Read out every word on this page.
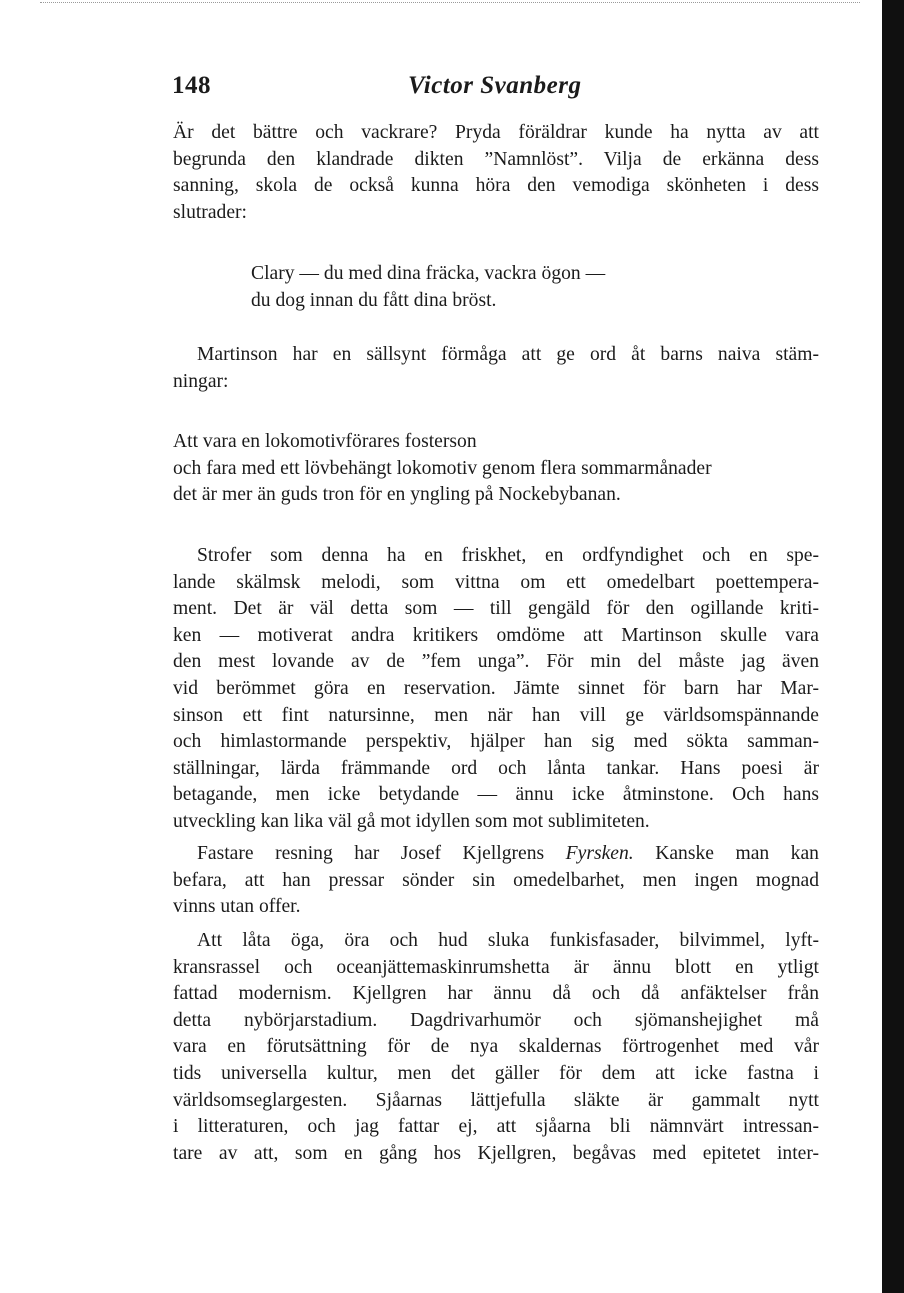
148	Victor Svanberg
Är det bättre och vackrare? Pryda föräldrar kunde ha nytta av att
begrunda den klandrade dikten ”Namnlöst”. Vilja de erkänna dess
sanning, skola de också kunna höra den vemodiga skönheten i dess
slutrader:
Clary — du med dina fräcka, vackra ögon —
du dog innan du fått dina bröst.
Martinson har en sällsynt förmåga att ge ord åt barns naiva stäm-
ningar:
Att vara en lokomotivförares fosterson
och fara med ett lövbehängt lokomotiv genom flera sommarmånader
det är mer än guds tron för en yngling på Nockebybanan.
Strofer som denna ha en friskhet, en ordfyndighet och en spe-
lande skälmsk melodi, som vittna om ett omedelbart poettempera-
ment. Det är väl detta som — till gengäld för den ogillande kriti-
ken — motiverat andra kritikers omdöme att Martinson skulle vara
den mest lovande av de ”fem unga”. För min del måste jag även
vid berömmet göra en reservation. Jämte sinnet för barn har Mar-
sinson ett fint natursinne, men när han vill ge världsomspännande
och himlastormande perspektiv, hjälper han sig med sökta samman-
ställningar, lärda främmande ord och lånta tankar. Hans poesi är
betagande, men icke betydande — ännu icke åtminstone. Och hans
utveckling kan lika väl gå mot idyllen som mot sublimiteten.
Fastare resning har Josef Kjellgrens Fyrsken. Kanske man kan
befara, att han pressar sönder sin omedelbarhet, men ingen mognad
vinns utan offer.
Att låta öga, öra och hud sluka funkisfasader, bilvimmel, lyft-
kransrassel och oceanjättemaskinrumshetta är ännu blott en ytligt
fattad modernism. Kjellgren har ännu då och då anfäktelser från
detta nybörjarstadium. Dagdrivarhumör och sjömanshejighet må
vara en förutsättning för de nya skaldernas förtrogenhet med vår
tids universella kultur, men det gäller för dem att icke fastna i
världsomseglargesten. Sjåarnas lättjefulla släkte är gammalt nytt
i litteraturen, och jag fattar ej, att sjåarna bli nämnvärt intressan-
tare av att, som en gång hos Kjellgren, begåvas med epitetet inter-
